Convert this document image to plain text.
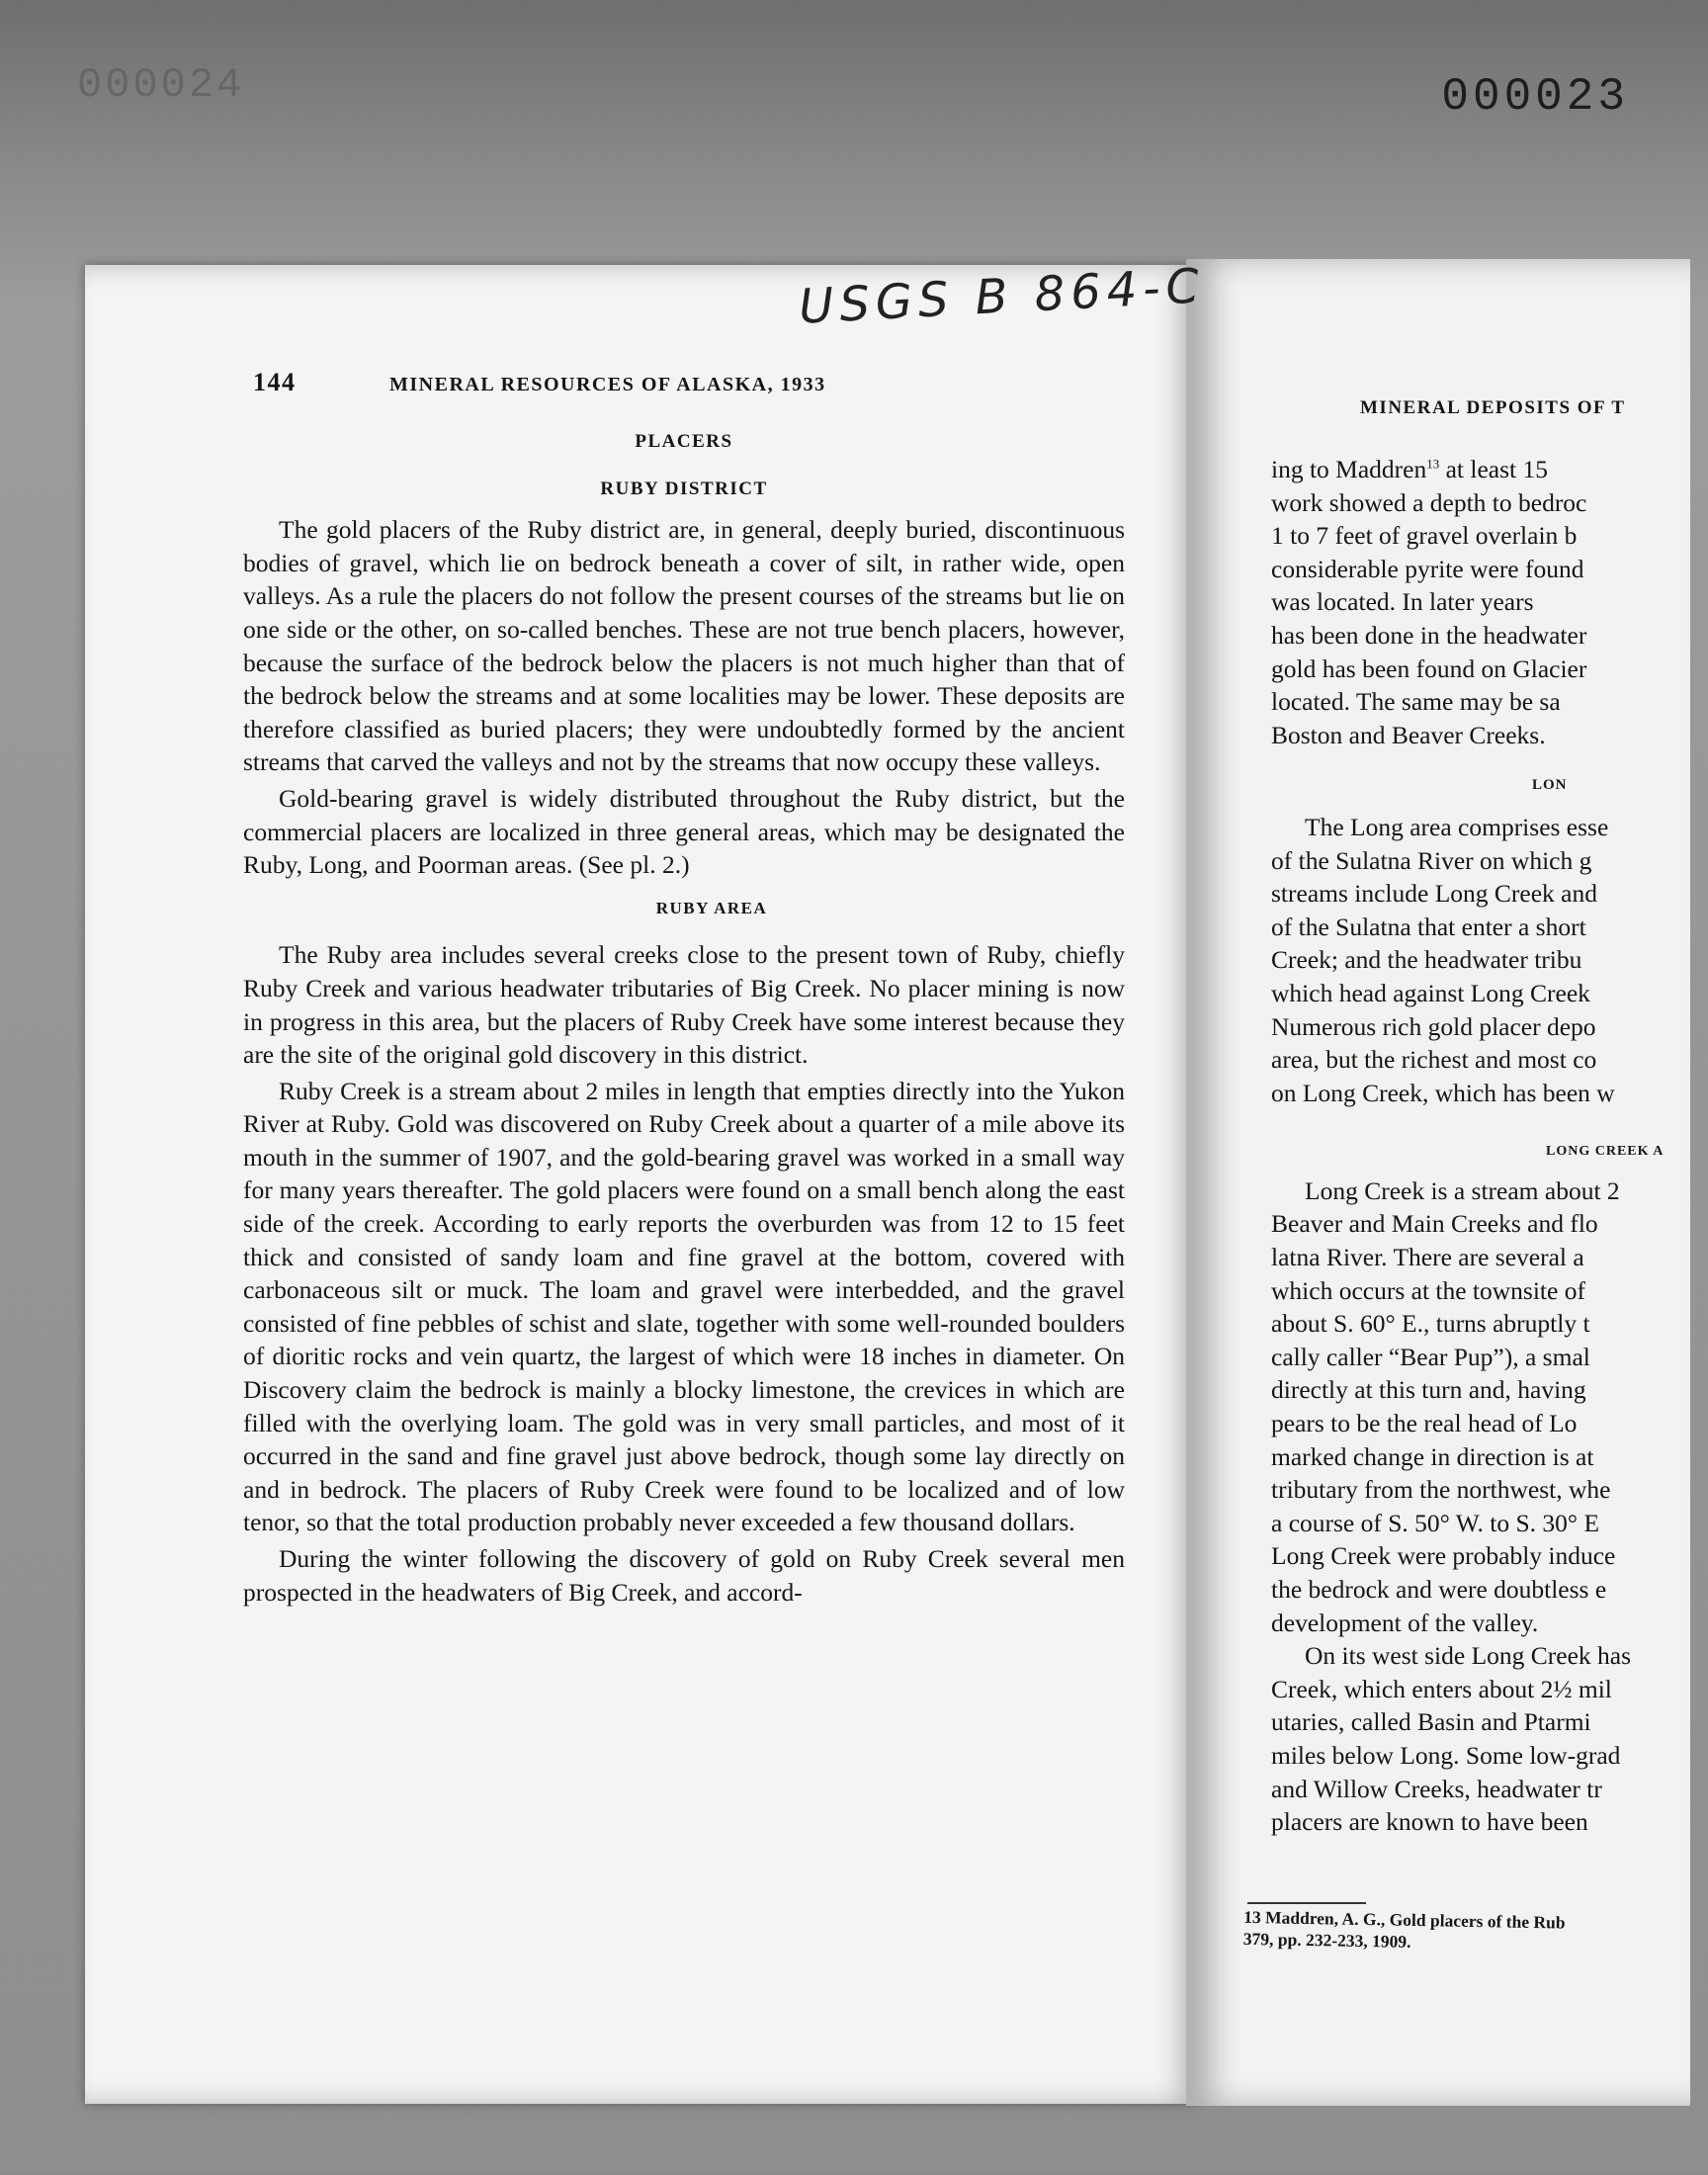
000024	000023
USGS B 864-C
144	MINERAL RESOURCES OF ALASKA, 1933
PLACERS
RUBY DISTRICT

The gold placers of the Ruby district are, in general, deeply buried, discontinuous bodies of gravel, which lie on bedrock beneath a cover of silt, in rather wide, open valleys. As a rule the placers do not follow the present courses of the streams but lie on one side or the other, on so-called benches. These are not true bench placers, however, because the surface of the bedrock below the placers is not much higher than that of the bedrock below the streams and at some localities may be lower. These deposits are therefore classified as buried placers; they were undoubtedly formed by the ancient streams that carved the valleys and not by the streams that now occupy these valleys.

Gold-bearing gravel is widely distributed throughout the Ruby district, but the commercial placers are localized in three general areas, which may be designated the Ruby, Long, and Poorman areas. (See pl. 2.)

RUBY AREA

The Ruby area includes several creeks close to the present town of Ruby, chiefly Ruby Creek and various headwater tributaries of Big Creek. No placer mining is now in progress in this area, but the placers of Ruby Creek have some interest because they are the site of the original gold discovery in this district.

Ruby Creek is a stream about 2 miles in length that empties directly into the Yukon River at Ruby. Gold was discovered on Ruby Creek about a quarter of a mile above its mouth in the summer of 1907, and the gold-bearing gravel was worked in a small way for many years thereafter. The gold placers were found on a small bench along the east side of the creek. According to early reports the overburden was from 12 to 15 feet thick and consisted of sandy loam and fine gravel at the bottom, covered with carbonaceous silt or muck. The loam and gravel were interbedded, and the gravel consisted of fine pebbles of schist and slate, together with some well-rounded boulders of dioritic rocks and vein quartz, the largest of which were 18 inches in diameter. On Discovery claim the bedrock is mainly a blocky limestone, the crevices in which are filled with the overlying loam. The gold was in very small particles, and most of it occurred in the sand and fine gravel just above bedrock, though some lay directly on and in bedrock. The placers of Ruby Creek were found to be localized and of low tenor, so that the total production probably never exceeded a few thousand dollars.

During the winter following the discovery of gold on Ruby Creek several men prospected in the headwaters of Big Creek, and accord-

MINERAL DEPOSITS OF T
ing to Maddren$^{13}$ at least 15
work showed a depth to bedroc
1 to 7 feet of gravel overlain b
considerable pyrite were found
was located. In later years
has been done in the headwater
gold has been found on Glacier
located. The same may be sa
Boston and Beaver Creeks.
LON
The Long area comprises esse
of the Sulatna River on which g
streams include Long Creek and
of the Sulatna that enter a short
Creek; and the headwater tribu
which head against Long Creek
Numerous rich gold placer depo
area, but the richest and most co
on Long Creek, which has been w
LONG CREEK A
Long Creek is a stream about 2
Beaver and Main Creeks and flo
latna River. There are several a
which occurs at the townsite of
about S. 60° E., turns abruptly t
cally caller “Bear Pup”), a smal
directly at this turn and, having
pears to be the real head of Lo
marked change in direction is at
tributary from the northwest, whe
a course of S. 50° W. to S. 30° E
Long Creek were probably induce
the bedrock and were doubtless e
development of the valley.
On its west side Long Creek has
Creek, which enters about 2½ mil
utaries, called Basin and Ptarmi
miles below Long. Some low-grad
and Willow Creeks, headwater tr
placers are known to have been
13 Maddren, A. G., Gold placers of the Rub
379, pp. 232-233, 1909.
